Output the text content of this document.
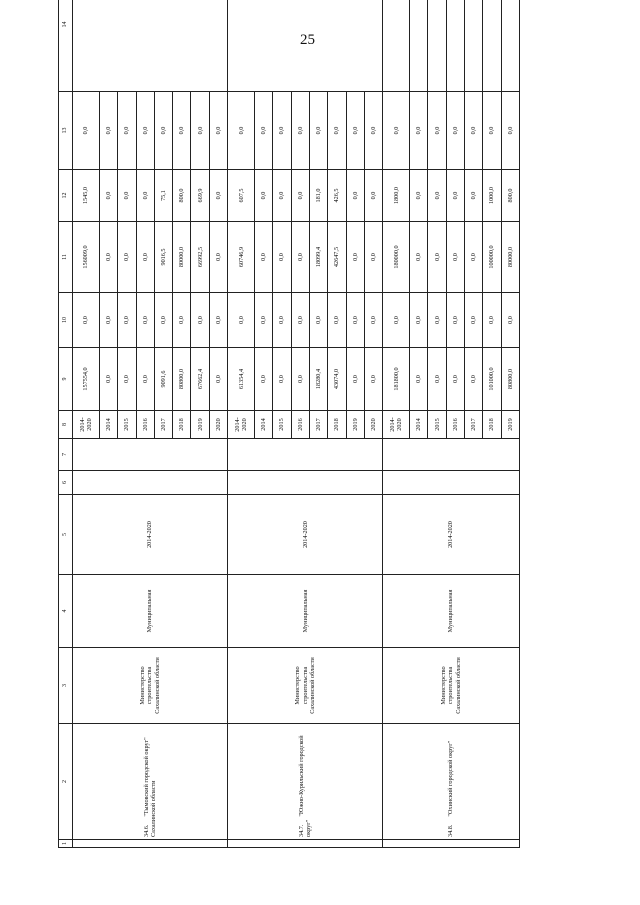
25
1	2	3	4	5	6	7	8	9	10	11	12	13	14
	34.6."Тымовский городской округ" Сахалинской области	Министерство строительства Сахалинской области	Муниципальная	2014-2020			2014-2020	157554,0	0,0	156009,0	1545,0	0,0	
							2014	0,0	0,0	0,0	0,0	0,0	
							2015	0,0	0,0	0,0	0,0	0,0	
							2016	0,0	0,0	0,0	0,0	0,0	
							2017	9091,6	0,0	9016,5	75,1	0,0	
							2018	80800,0	0,0	80000,0	800,0	0,0	
							2019	67662,4	0,0	66992,5	669,9	0,0	
							2020	0,0	0,0	0,0	0,0	0,0	
	34.7."Южно-Курильский городской округ"	Министерство строительства Сахалинской области	Муниципальная	2014-2020			2014-2020	61354,4	0,0	60746,9	607,5	0,0	
							2014	0,0	0,0	0,0	0,0	0,0	
							2015	0,0	0,0	0,0	0,0	0,0	
							2016	0,0	0,0	0,0	0,0	0,0	
							2017	18280,4	0,0	18099,4	181,0	0,0	
							2018	43074,0	0,0	42647,5	426,5	0,0	
							2019	0,0	0,0	0,0	0,0	0,0	
							2020	0,0	0,0	0,0	0,0	0,0	
	34.8."Охинский городской округ"	Министерство строительства Сахалинской области	Муниципальная	2014-2020			2014-2020	181800,0	0,0	180000,0	1800,0	0,0	
							2014	0,0	0,0	0,0	0,0	0,0	
							2015	0,0	0,0	0,0	0,0	0,0	
							2016	0,0	0,0	0,0	0,0	0,0	
							2017	0,0	0,0	0,0	0,0	0,0	
							2018	101000,0	0,0	100000,0	1000,0	0,0	
							2019	80800,0	0,0	80000,0	800,0	0,0	
